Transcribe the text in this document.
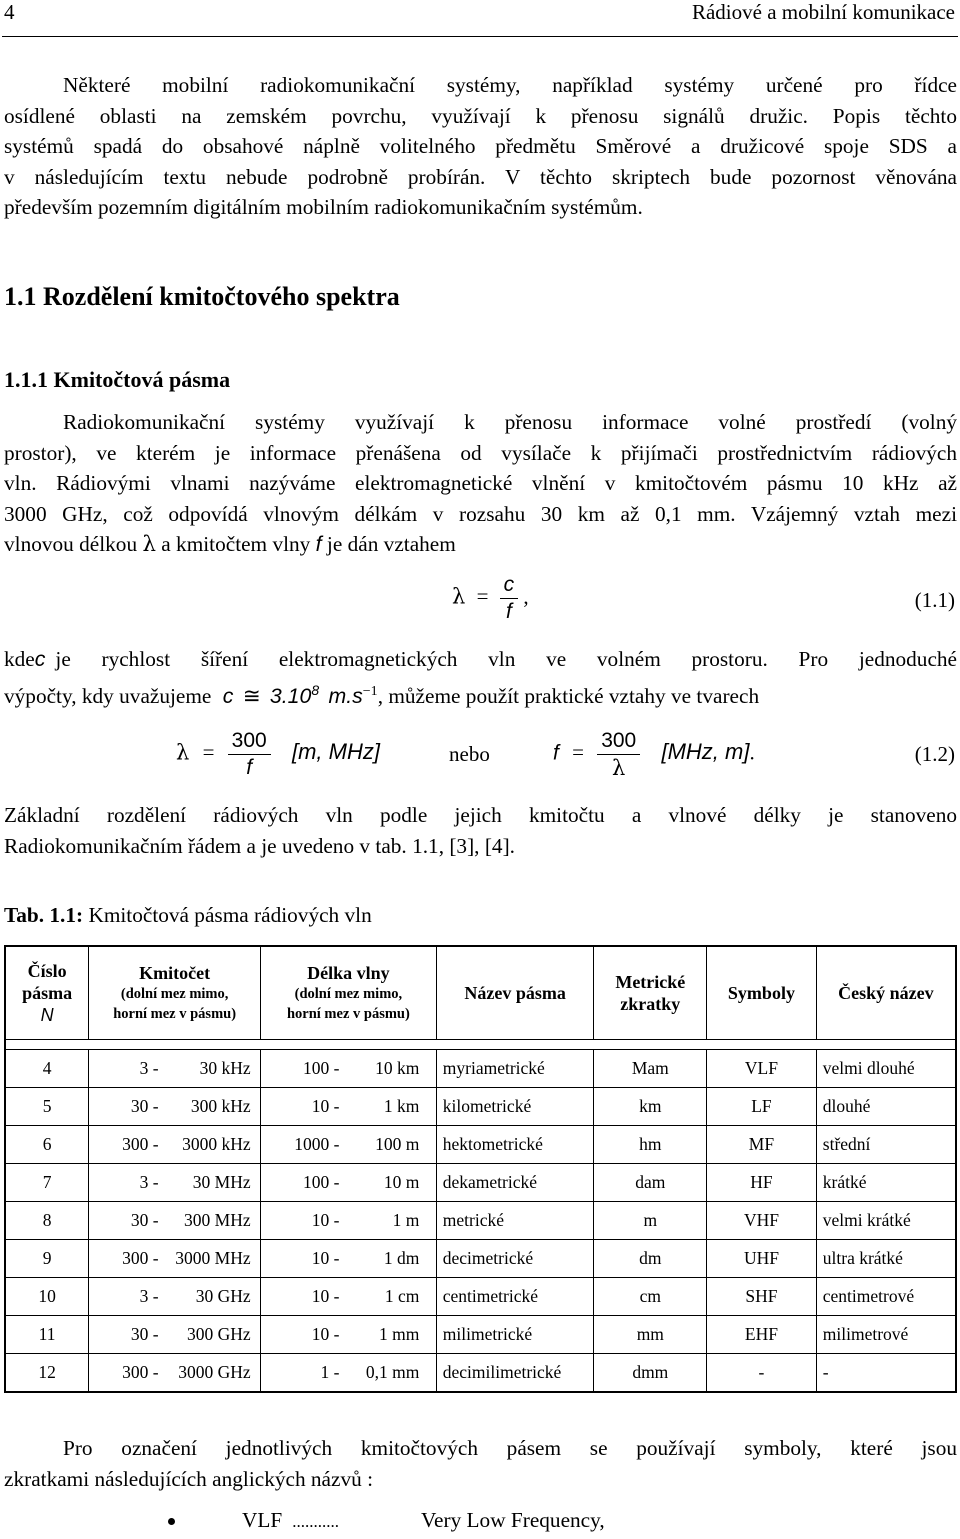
4	Rádiové a mobilní komunikace

Některé mobilní radiokomunikační systémy, například systémy určené pro řídce
osídlené oblasti na zemském povrchu, využívají k přenosu signálů družic. Popis těchto
systémů spadá do obsahové náplně volitelného předmětu Směrové a družicové spoje SDS a
v následujícím textu nebude podrobně probírán. V těchto skriptech bude pozornost věnována
především pozemním digitálním mobilním radiokomunikačním systémům.

1.1 Rozdělení kmitočtového spektra
1.1.1 Kmitočtová pásma

Radiokomunikační systémy využívají k přenosu informace volné prostředí (volný
prostor), ve kterém je informace přenášena od vysílače k přijímači prostřednictvím rádiových
vln. Rádiovými vlnami nazýváme elektromagnetické vlnění v kmitočtovém pásmu 10 kHz až
3000 GHz, což odpovídá vlnovým délkám v rozsahu 30 km až 0,1 mm. Vzájemný vztah mezi
vlnovou délkou λ a kmitočtem vlny f je dán vztahem

$\lambda = \frac{c}{f}$ ,	(1.1)
kde c je rychlost šíření elektromagnetických vln ve volném prostoru. Pro jednoduché
výpočty, kdy uvažujeme c ≅ 3.10$^8$ $m.s^{-1}$, můžeme použít praktické vztahy ve tvarech
$\lambda = \frac{300}{f} [m$, MHz]	nebo	$f = \frac{300}{\lambda} [MHz$, m].	(1.2)

Základní rozdělení rádiových vln podle jejich kmitočtu a vlnové délky je stanoveno
Radiokomunikačním řádem a je uvedeno v tab. 1.1, [3], [4].

Tab. 1.1: Kmitočtová pásma rádiových vln
Číslo
pásma
N	Kmitočet
(dolní mez mimo,
horní mez v pásmu)	Délka vlny
(dolní mez mimo,
horní mez v pásmu)	Název pásma	Metrické
zkratky	Symboly	Český název

4	3 - 30 kHz	100 - 10 km	myriametrické	Mam	VLF	velmi dlouhé
5	30 - 300 kHz	10 - 1 km	kilometrické	km	LF	dlouhé
6	300 - 3000 kHz	1000 - 100 m	hektometrické	hm	MF	střední
7	3 - 30 MHz	100 - 10 m	dekametrické	dam	HF	krátké
8	30 - 300 MHz	10 - 1 m	metrické	m	VHF	velmi krátké
9	300 - 3000 MHz	10 - 1 dm	decimetrické	dm	UHF	ultra krátké
10	3 - 30 GHz	10 - 1 cm	centimetrické	cm	SHF	centimetrové
11	30 - 300 GHz	10 - 1 mm	milimetrické	mm	EHF	milimetrové
12	300 - 3000 GHz	1 - 0,1 mm	decimilimetrické	dmm	-	-

Pro označení jednotlivých kmitočtových pásem se používají symboly, které jsou
zkratkami následujících anglických názvů :

VLF ...........	Very Low Frequency,
